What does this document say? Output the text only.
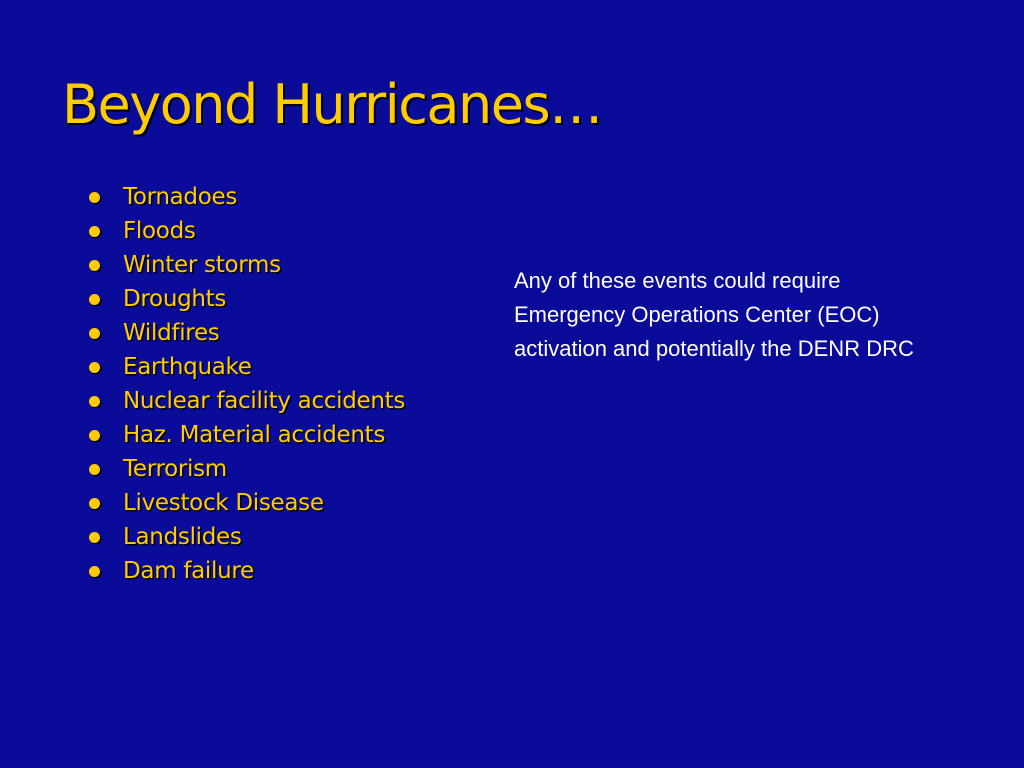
Beyond Hurricanes…
Tornadoes
Floods
Winter storms
Droughts
Wildfires
Earthquake
Nuclear facility accidents
Haz. Material accidents
Terrorism
Livestock Disease
Landslides
Dam failure

Any of these events could require Emergency Operations Center (EOC) activation and potentially the DENR DRC
